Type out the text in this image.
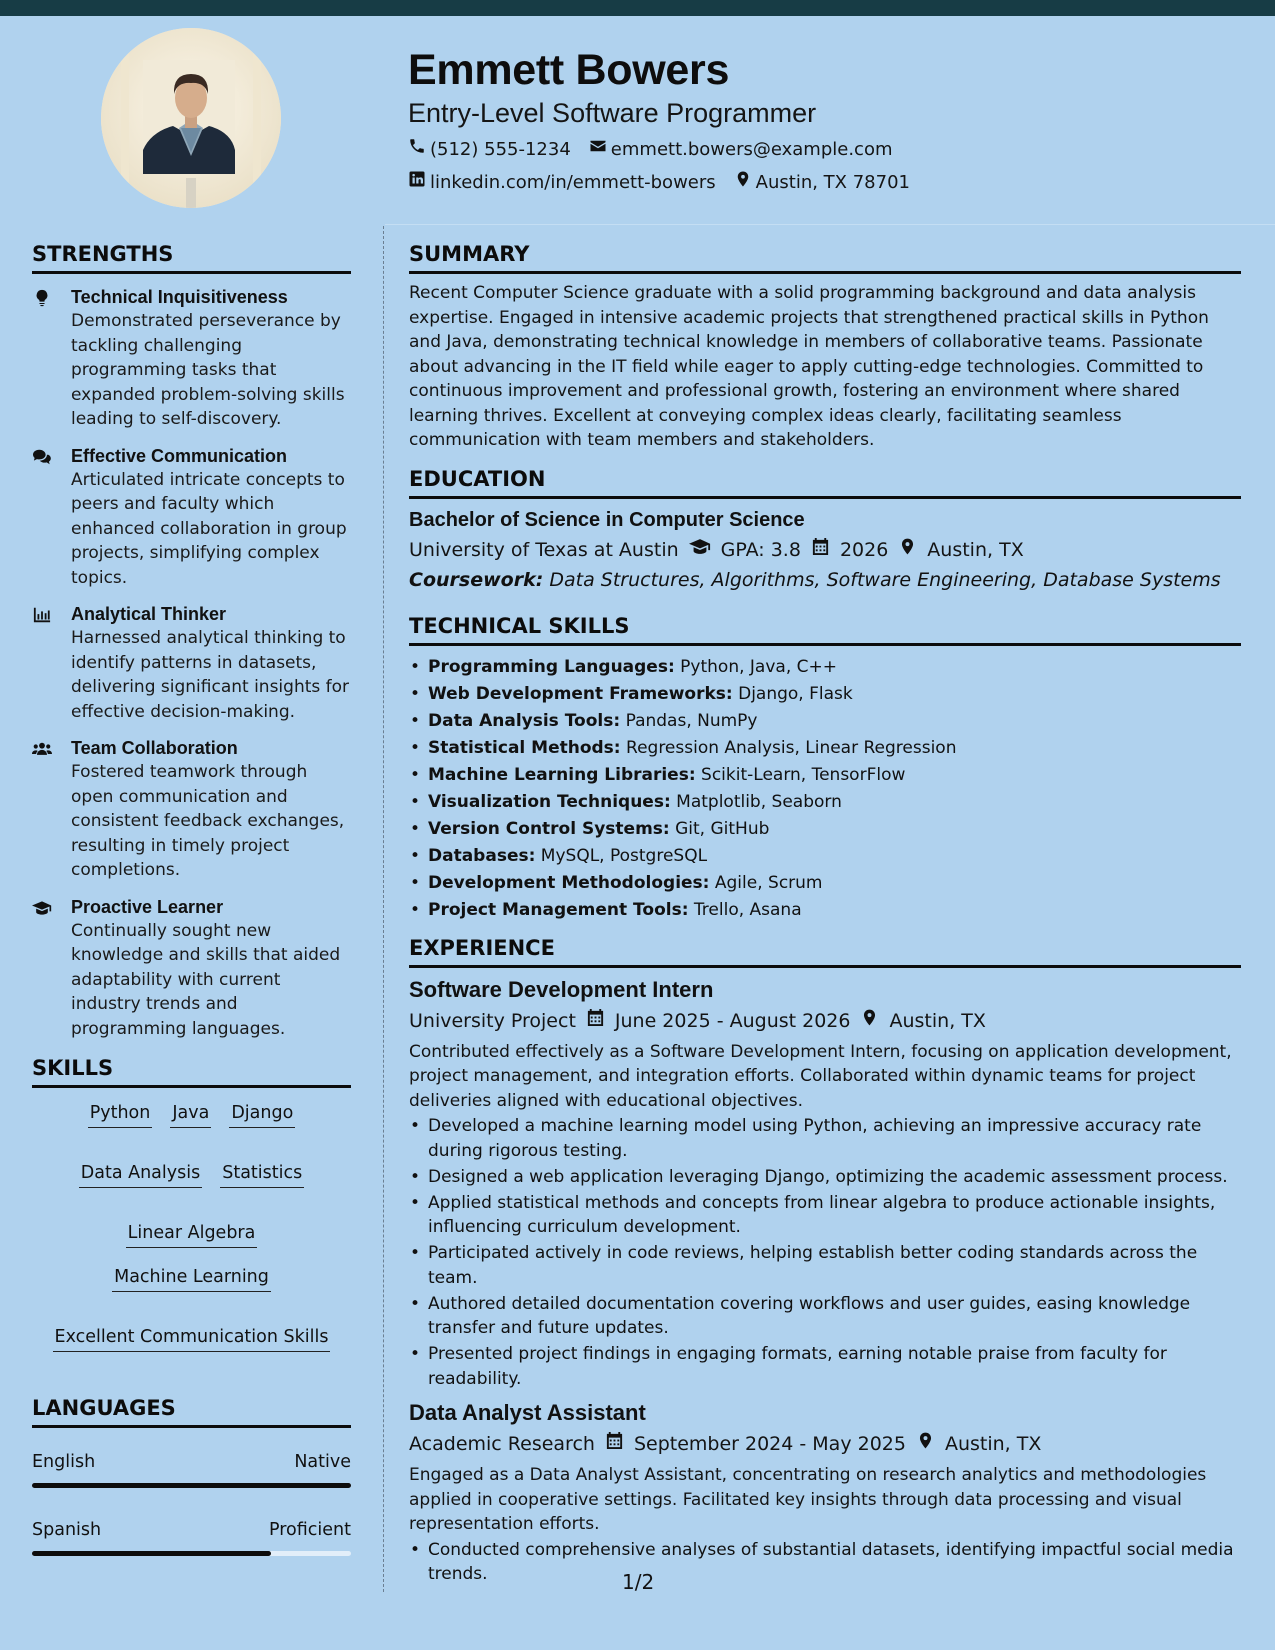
Emmett Bowers
Entry-Level Software Programmer
(512) 555-1234 emmett.bowers@example.com
linkedin.com/in/emmett-bowers Austin, TX 78701
STRENGTHS
Technical Inquisitiveness
Demonstrated perseverance by tackling challenging programming tasks that expanded problem-solving skills leading to self-discovery.
Effective Communication
Articulated intricate concepts to peers and faculty which enhanced collaboration in group projects, simplifying complex topics.
Analytical Thinker
Harnessed analytical thinking to identify patterns in datasets, delivering significant insights for effective decision-making.
Team Collaboration
Fostered teamwork through open communication and consistent feedback exchanges, resulting in timely project completions.
Proactive Learner
Continually sought new knowledge and skills that aided adaptability with current industry trends and programming languages.
SKILLS
Python Java Django
Data Analysis Statistics
Linear Algebra
Machine Learning
Excellent Communication Skills
LANGUAGES
English	Native
Spanish	Proficient
SUMMARY
Recent Computer Science graduate with a solid programming background and data analysis expertise. Engaged in intensive academic projects that strengthened practical skills in Python and Java, demonstrating technical knowledge in members of collaborative teams. Passionate about advancing in the IT field while eager to apply cutting-edge technologies. Committed to continuous improvement and professional growth, fostering an environment where shared learning thrives. Excellent at conveying complex ideas clearly, facilitating seamless communication with team members and stakeholders.
EDUCATION
Bachelor of Science in Computer Science
University of Texas at Austin GPA: 3.8 2026 Austin, TX
Coursework: Data Structures, Algorithms, Software Engineering, Database Systems
TECHNICAL SKILLS
• Programming Languages: Python, Java, C++
• Web Development Frameworks: Django, Flask
• Data Analysis Tools: Pandas, NumPy
• Statistical Methods: Regression Analysis, Linear Regression
• Machine Learning Libraries: Scikit-Learn, TensorFlow
• Visualization Techniques: Matplotlib, Seaborn
• Version Control Systems: Git, GitHub
• Databases: MySQL, PostgreSQL
• Development Methodologies: Agile, Scrum
• Project Management Tools: Trello, Asana
EXPERIENCE
Software Development Intern
University Project June 2025 - August 2026 Austin, TX
Contributed effectively as a Software Development Intern, focusing on application development, project management, and integration efforts. Collaborated within dynamic teams for project deliveries aligned with educational objectives.
• Developed a machine learning model using Python, achieving an impressive accuracy rate during rigorous testing.
• Designed a web application leveraging Django, optimizing the academic assessment process.
• Applied statistical methods and concepts from linear algebra to produce actionable insights, influencing curriculum development.
• Participated actively in code reviews, helping establish better coding standards across the team.
• Authored detailed documentation covering workflows and user guides, easing knowledge transfer and future updates.
• Presented project findings in engaging formats, earning notable praise from faculty for readability.
Data Analyst Assistant
Academic Research September 2024 - May 2025 Austin, TX
Engaged as a Data Analyst Assistant, concentrating on research analytics and methodologies applied in cooperative settings. Facilitated key insights through data processing and visual representation efforts.
• Conducted comprehensive analyses of substantial datasets, identifying impactful social media trends.	1/2
